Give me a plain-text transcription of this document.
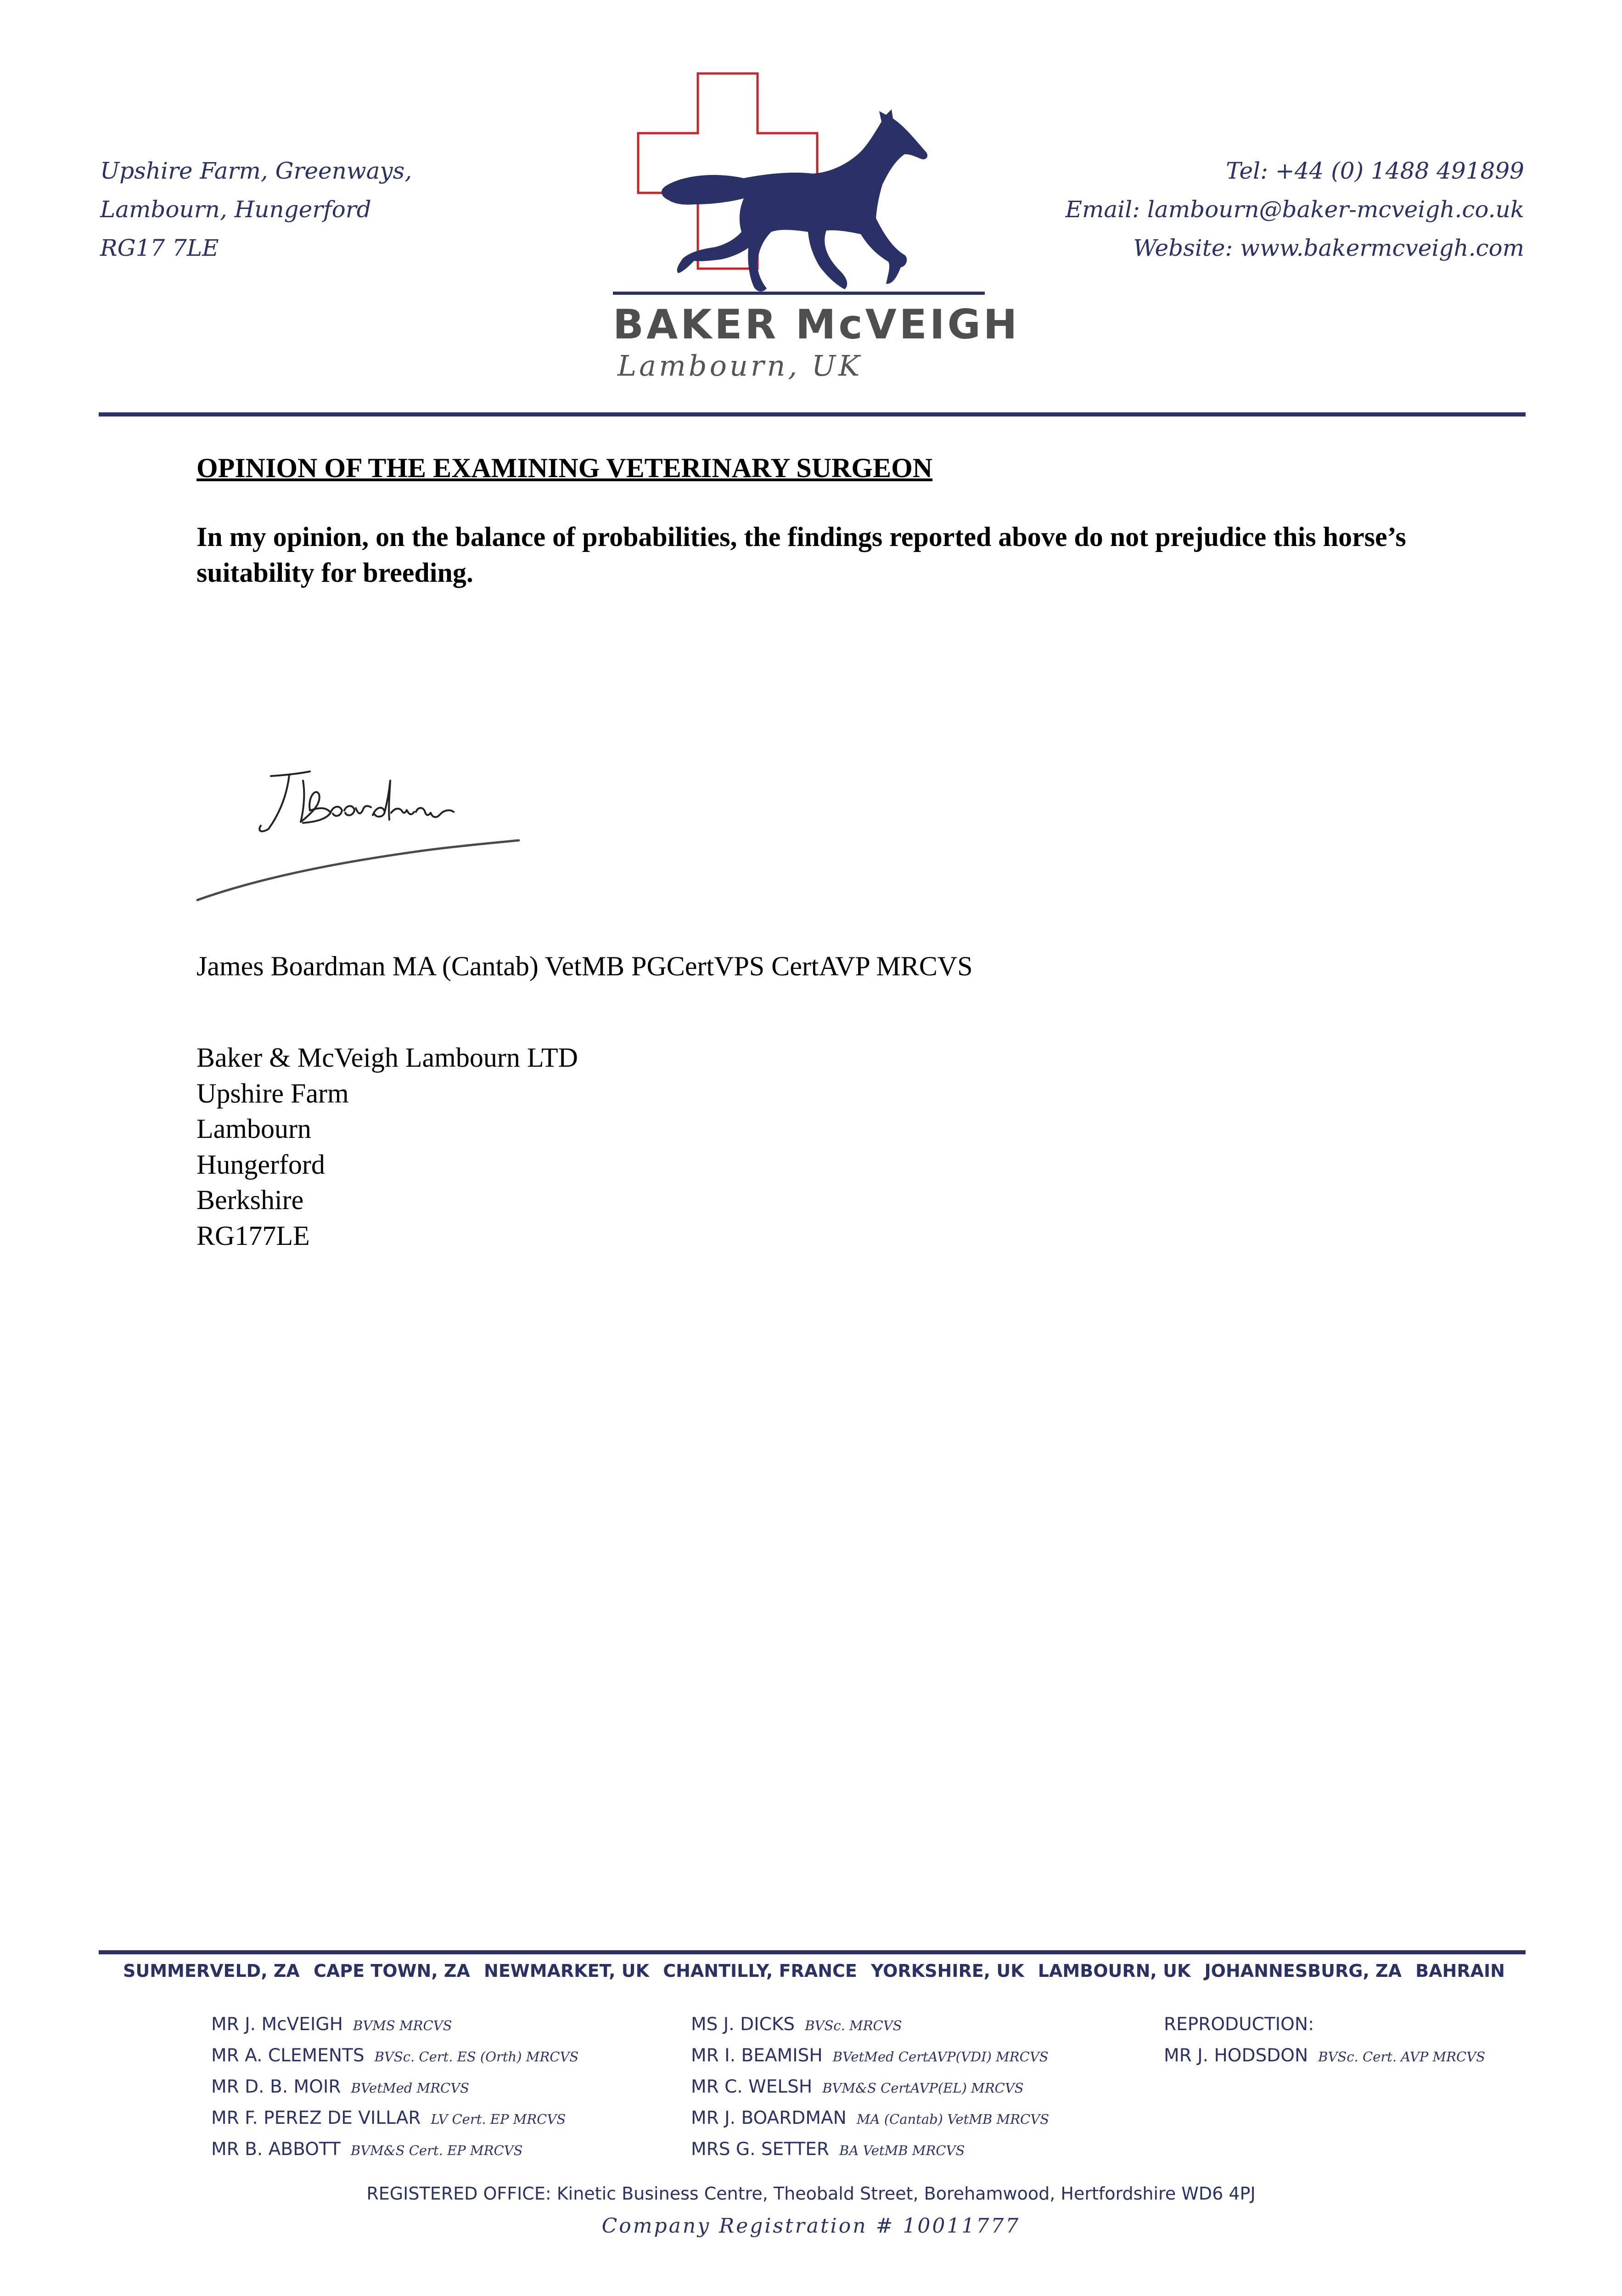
Upshire Farm, Greenways,
Lambourn, Hungerford
RG17 7LE
BAKER McVEIGH
Lambourn, UK
Tel: +44 (0) 1488 491899
Email: lambourn@baker-mcveigh.co.uk
Website: www.bakermcveigh.com
OPINION OF THE EXAMINING VETERINARY SURGEON
In my opinion, on the balance of probabilities, the findings reported above do not prejudice this horse’s suitability for breeding.
James Boardman MA (Cantab) VetMB PGCertVPS CertAVP MRCVS
Baker & McVeigh Lambourn LTD
Upshire Farm
Lambourn
Hungerford
Berkshire
RG177LE
SUMMERVELD, ZA CAPE TOWN, ZA NEWMARKET, UK CHANTILLY, FRANCE YORKSHIRE, UK LAMBOURN, UK JOHANNESBURG, ZA BAHRAIN
MR J. McVEIGH BVMS MRCVS
MR A. CLEMENTS BVSc. Cert. ES (Orth) MRCVS
MR D. B. MOIR BVetMed MRCVS
MR F. PEREZ DE VILLAR LV Cert. EP MRCVS
MR B. ABBOTT BVM&S Cert. EP MRCVS
MS J. DICKS BVSc. MRCVS
MR I. BEAMISH BVetMed CertAVP(VDI) MRCVS
MR C. WELSH BVM&S CertAVP(EL) MRCVS
MR J. BOARDMAN MA (Cantab) VetMB MRCVS
MRS G. SETTER BA VetMB MRCVS
REPRODUCTION:
MR J. HODSDON BVSc. Cert. AVP MRCVS
REGISTERED OFFICE: Kinetic Business Centre, Theobald Street, Borehamwood, Hertfordshire WD6 4PJ
Company Registration # 10011777
